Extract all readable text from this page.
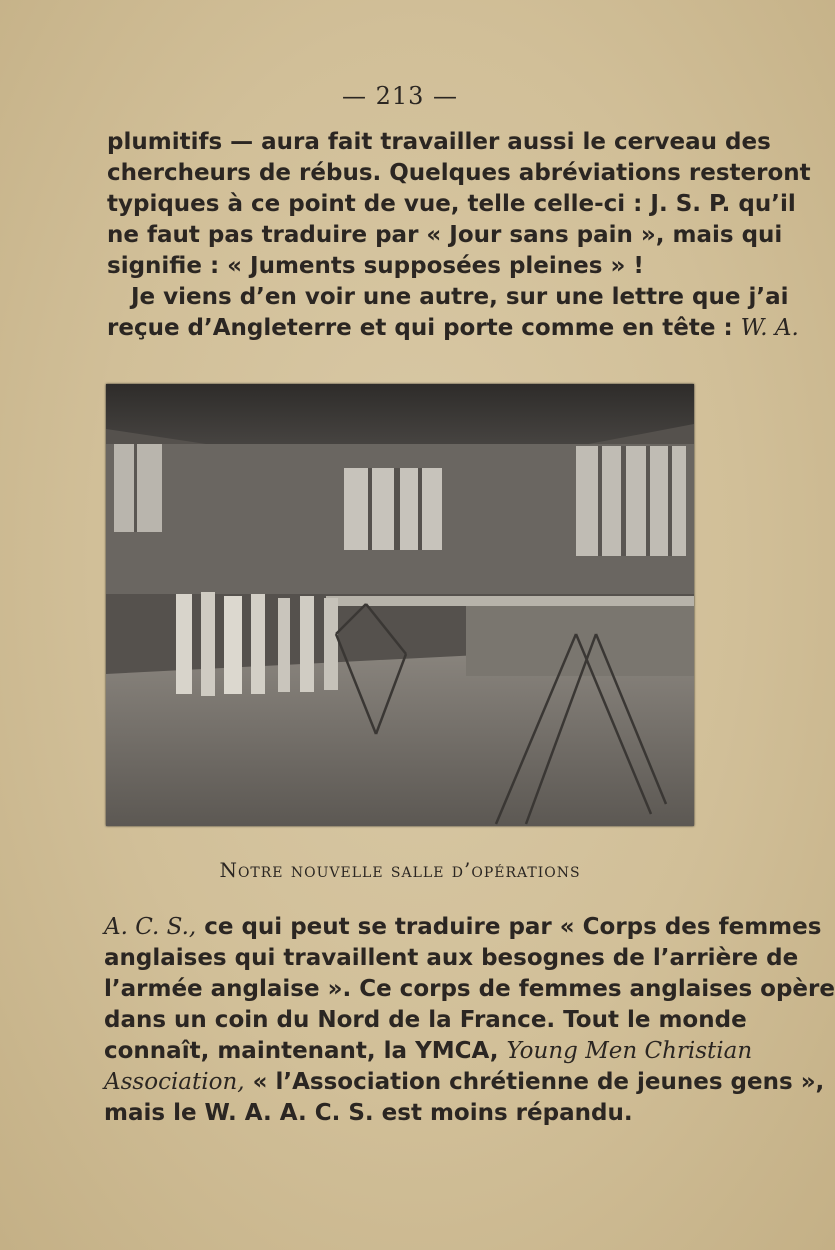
— 213 —
plumitifs — aura fait travailler aussi le cerveau des
chercheurs de rébus. Quelques abréviations resteront
typiques à ce point de vue, telle celle-ci : J. S. P. qu’il
ne faut pas traduire par « Jour sans pain », mais qui
signifie : « Juments supposées pleines » !
Je viens d’en voir une autre, sur une lettre que j’ai
reçue d’Angleterre et qui porte comme en tête : W. A.
Notre nouvelle salle d’opérations
A. C. S., ce qui peut se traduire par « Corps des femmes
anglaises qui travaillent aux besognes de l’arrière de
l’armée anglaise ». Ce corps de femmes anglaises opère
dans un coin du Nord de la France. Tout le monde
connaît, maintenant, la YMCA, Young Men Christian
Association, « l’Association chrétienne de jeunes gens »,
mais le W. A. A. C. S. est moins répandu.
